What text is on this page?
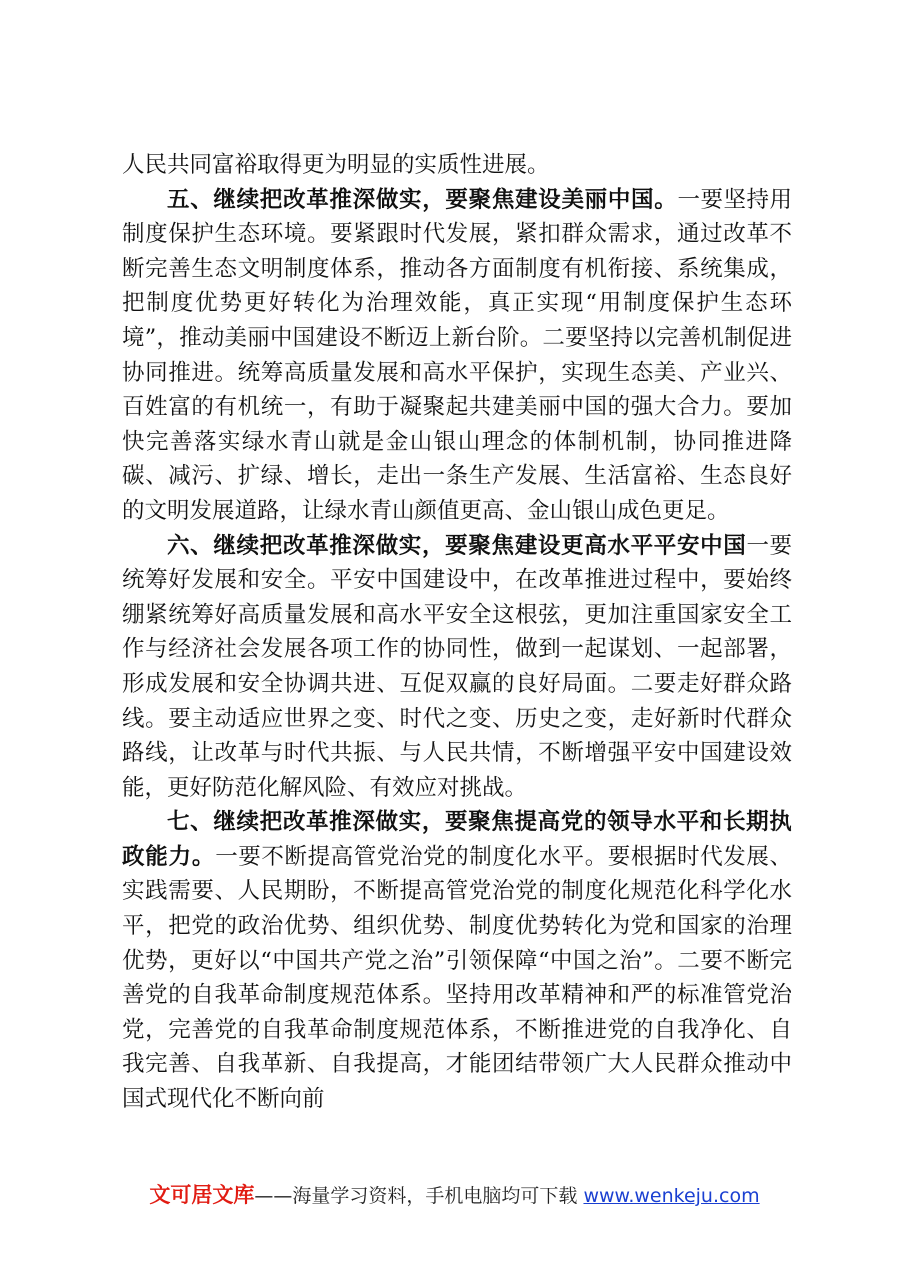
人民共同富裕取得更为明显的实质性进展。

五、继续把改革推深做实，要聚焦建设美丽中国。一要坚持用制度保护生态环境。要紧跟时代发展，紧扣群众需求，通过改革不断完善生态文明制度体系，推动各方面制度有机衔接、系统集成，把制度优势更好转化为治理效能，真正实现“用制度保护生态环境”，推动美丽中国建设不断迈上新台阶。二要坚持以完善机制促进协同推进。统筹高质量发展和高水平保护，实现生态美、产业兴、百姓富的有机统一，有助于凝聚起共建美丽中国的强大合力。要加快完善落实绿水青山就是金山银山理念的体制机制，协同推进降碳、减污、扩绿、增长，走出一条生产发展、生活富裕、生态良好的文明发展道路，让绿水青山颜值更高、金山银山成色更足。

六、继续把改革推深做实，要聚焦建设更高水平平安中国一要统筹好发展和安全。平安中国建设中，在改革推进过程中，要始终绷紧统筹好高质量发展和高水平安全这根弦，更加注重国家安全工作与经济社会发展各项工作的协同性，做到一起谋划、一起部署，形成发展和安全协调共进、互促双赢的良好局面。二要走好群众路线。要主动适应世界之变、时代之变、历史之变，走好新时代群众路线，让改革与时代共振、与人民共情，不断增强平安中国建设效能，更好防范化解风险、有效应对挑战。

七、继续把改革推深做实，要聚焦提高党的领导水平和长期执政能力。一要不断提高管党治党的制度化水平。要根据时代发展、实践需要、人民期盼，不断提高管党治党的制度化规范化科学化水平，把党的政治优势、组织优势、制度优势转化为党和国家的治理优势，更好以“中国共产党之治”引领保障“中国之治”。二要不断完善党的自我革命制度规范体系。坚持用改革精神和严的标准管党治党，完善党的自我革命制度规范体系，不断推进党的自我净化、自我完善、自我革新、自我提高，才能团结带领广大人民群众推动中国式现代化不断向前

文可居文库——海量学习资料，手机电脑均可下载 www.wenkeju.com
